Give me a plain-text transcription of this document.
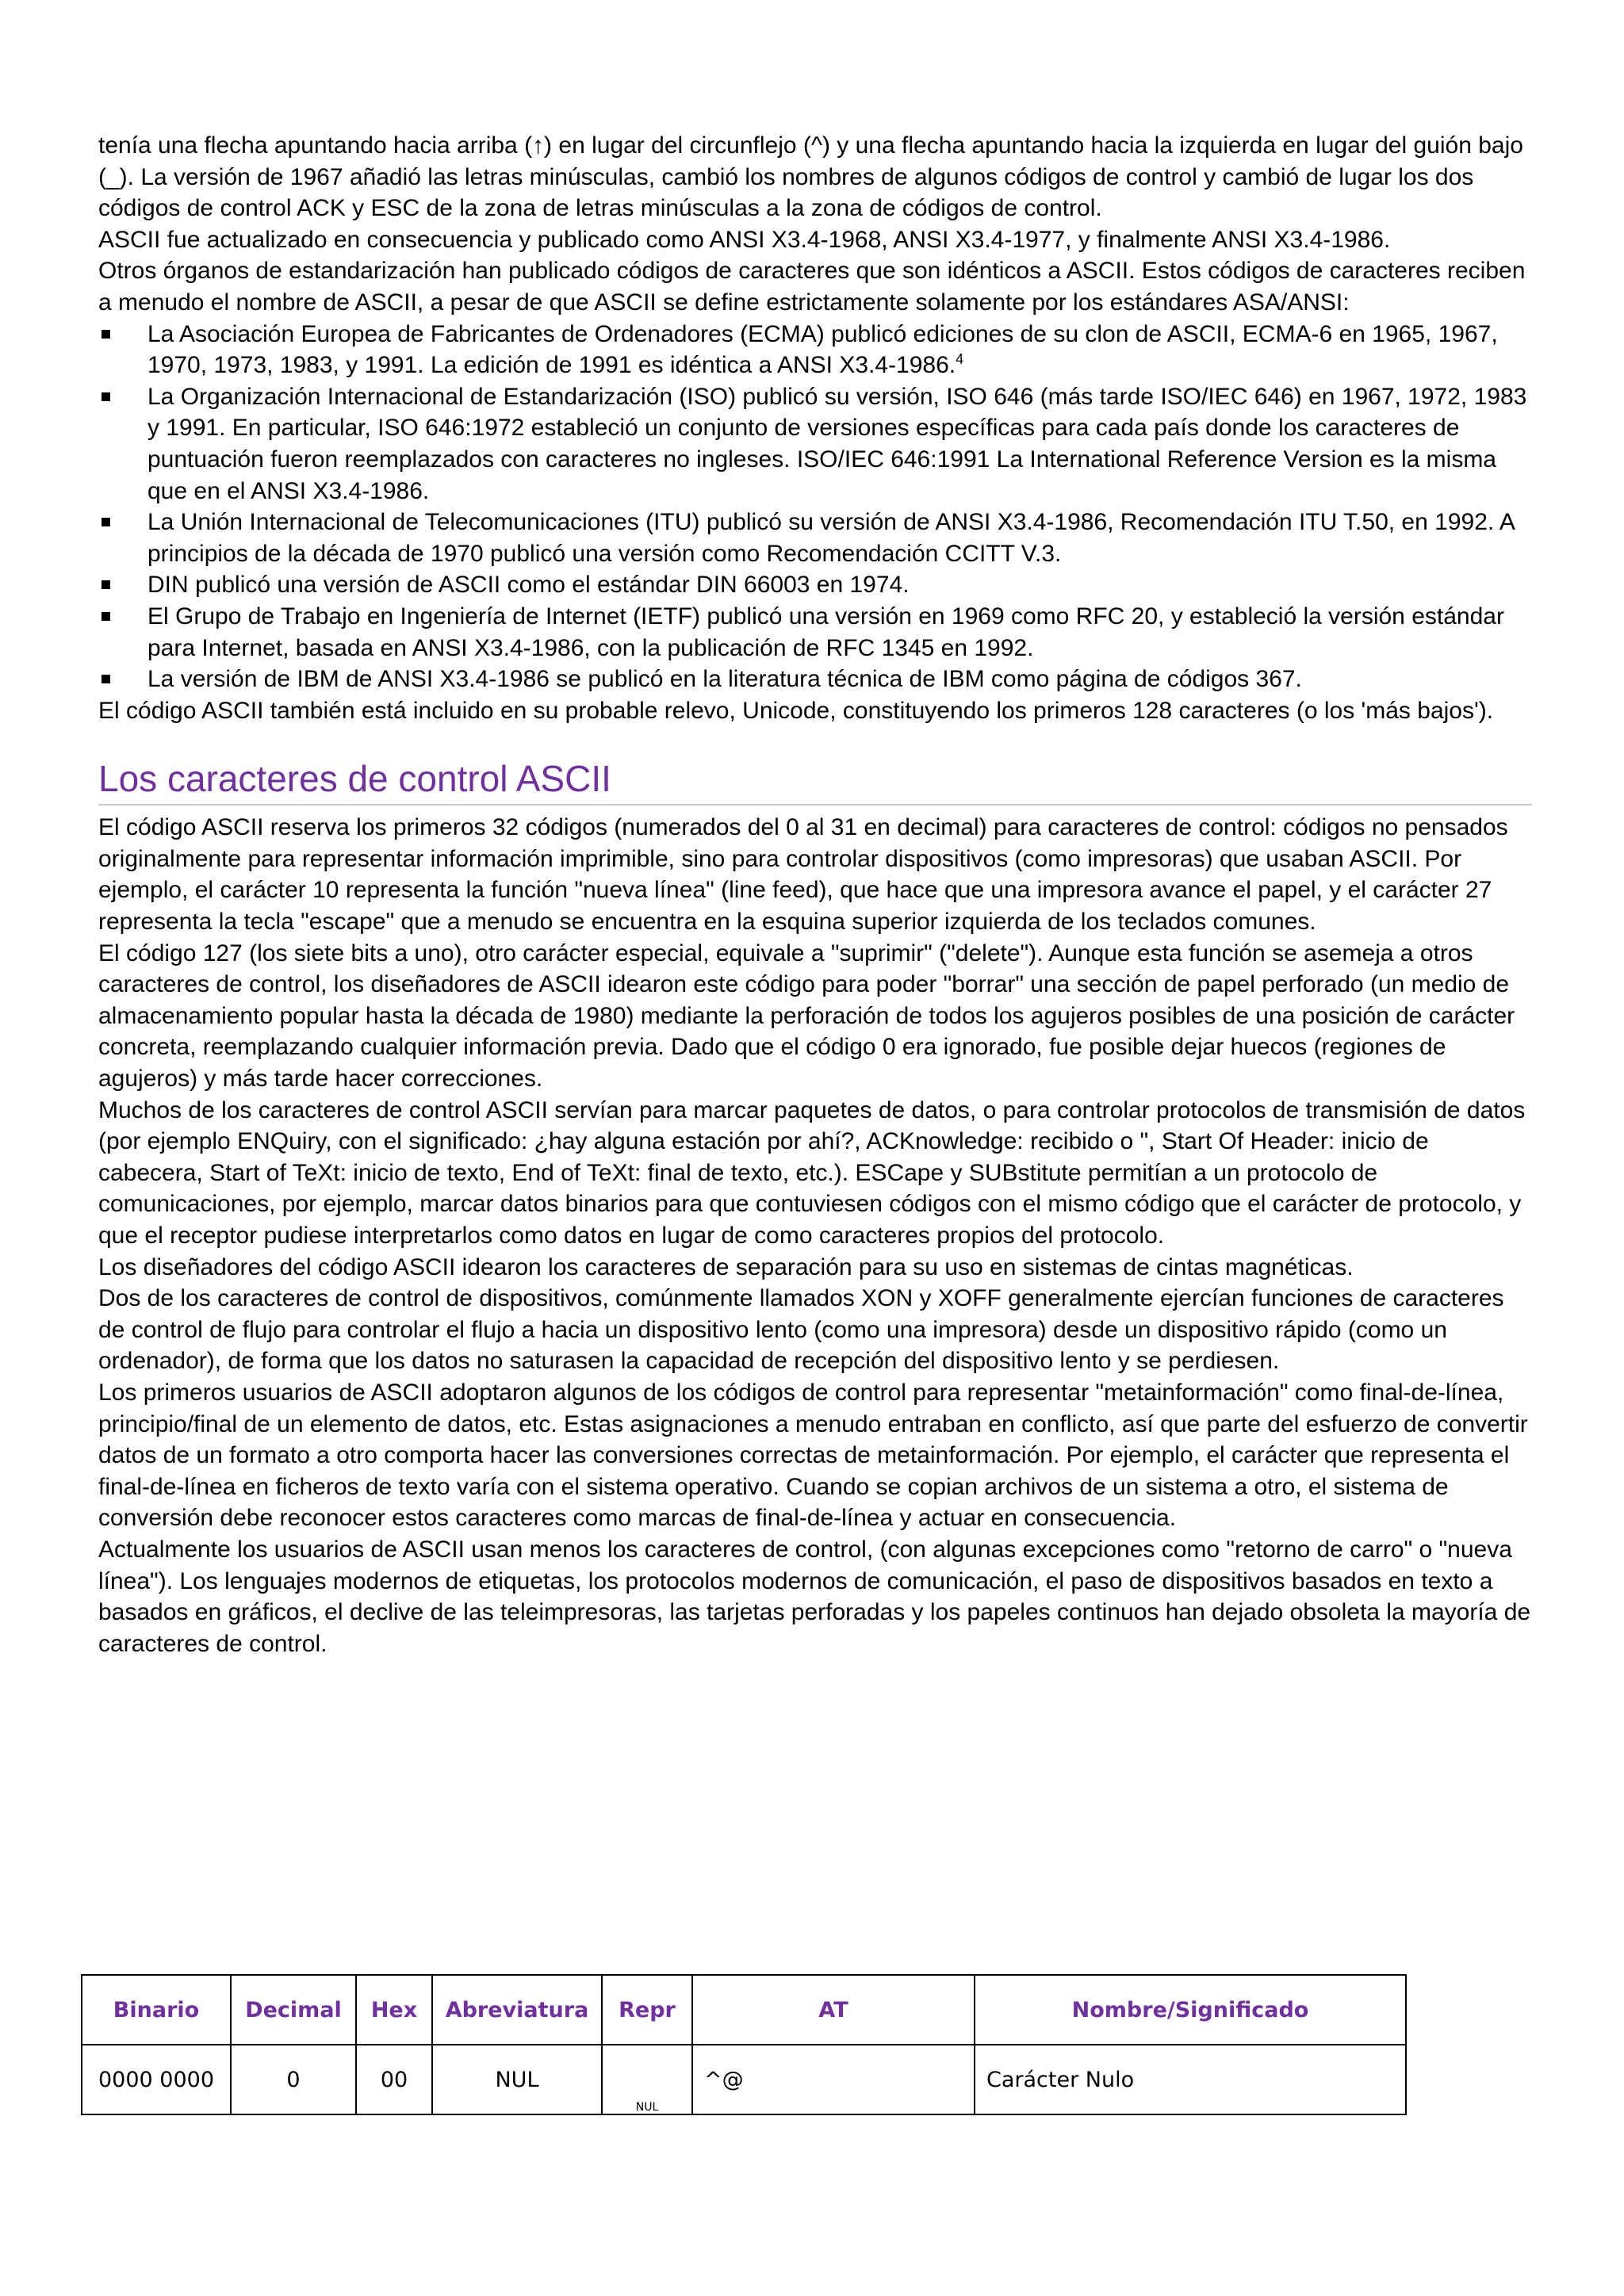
tenía una flecha apuntando hacia arriba (↑) en lugar del circunflejo (^) y una flecha apuntando hacia la izquierda en lugar del guión bajo (_). La versión de 1967 añadió las letras minúsculas, cambió los nombres de algunos códigos de control y cambió de lugar los dos códigos de control ACK y ESC de la zona de letras minúsculas a la zona de códigos de control.

ASCII fue actualizado en consecuencia y publicado como ANSI X3.4-1968, ANSI X3.4-1977, y finalmente ANSI X3.4-1986.

Otros órganos de estandarización han publicado códigos de caracteres que son idénticos a ASCII. Estos códigos de caracteres reciben a menudo el nombre de ASCII, a pesar de que ASCII se define estrictamente solamente por los estándares ASA/ANSI:

La Asociación Europea de Fabricantes de Ordenadores (ECMA) publicó ediciones de su clon de ASCII, ECMA-6 en 1965, 1967, 1970, 1973, 1983, y 1991. La edición de 1991 es idéntica a ANSI X3.4-1986.$^4$
La Organización Internacional de Estandarización (ISO) publicó su versión, ISO 646 (más tarde ISO/IEC 646) en 1967, 1972, 1983 y 1991. En particular, ISO 646:1972 estableció un conjunto de versiones específicas para cada país donde los caracteres de puntuación fueron reemplazados con caracteres no ingleses. ISO/IEC 646:1991 La International Reference Version es la misma que en el ANSI X3.4-1986.
La Unión Internacional de Telecomunicaciones (ITU) publicó su versión de ANSI X3.4-1986, Recomendación ITU T.50, en 1992. A principios de la década de 1970 publicó una versión como Recomendación CCITT V.3.
DIN publicó una versión de ASCII como el estándar DIN 66003 en 1974.
El Grupo de Trabajo en Ingeniería de Internet (IETF) publicó una versión en 1969 como RFC 20, y estableció la versión estándar para Internet, basada en ANSI X3.4-1986, con la publicación de RFC 1345 en 1992.
La versión de IBM de ANSI X3.4-1986 se publicó en la literatura técnica de IBM como página de códigos 367.

El código ASCII también está incluido en su probable relevo, Unicode, constituyendo los primeros 128 caracteres (o los 'más bajos').

Los caracteres de control ASCII

El código ASCII reserva los primeros 32 códigos (numerados del 0 al 31 en decimal) para caracteres de control: códigos no pensados originalmente para representar información imprimible, sino para controlar dispositivos (como impresoras) que usaban ASCII. Por ejemplo, el carácter 10 representa la función "nueva línea" (line feed), que hace que una impresora avance el papel, y el carácter 27 representa la tecla "escape" que a menudo se encuentra en la esquina superior izquierda de los teclados comunes.

El código 127 (los siete bits a uno), otro carácter especial, equivale a "suprimir" ("delete"). Aunque esta función se asemeja a otros caracteres de control, los diseñadores de ASCII idearon este código para poder "borrar" una sección de papel perforado (un medio de almacenamiento popular hasta la década de 1980) mediante la perforación de todos los agujeros posibles de una posición de carácter concreta, reemplazando cualquier información previa. Dado que el código 0 era ignorado, fue posible dejar huecos (regiones de agujeros) y más tarde hacer correcciones.

Muchos de los caracteres de control ASCII servían para marcar paquetes de datos, o para controlar protocolos de transmisión de datos (por ejemplo ENQuiry, con el significado: ¿hay alguna estación por ahí?, ACKnowledge: recibido o ", Start Of Header: inicio de cabecera, Start of TeXt: inicio de texto, End of TeXt: final de texto, etc.). ESCape y SUBstitute permitían a un protocolo de comunicaciones, por ejemplo, marcar datos binarios para que contuviesen códigos con el mismo código que el carácter de protocolo, y que el receptor pudiese interpretarlos como datos en lugar de como caracteres propios del protocolo.

Los diseñadores del código ASCII idearon los caracteres de separación para su uso en sistemas de cintas magnéticas.

Dos de los caracteres de control de dispositivos, comúnmente llamados XON y XOFF generalmente ejercían funciones de caracteres de control de flujo para controlar el flujo a hacia un dispositivo lento (como una impresora) desde un dispositivo rápido (como un ordenador), de forma que los datos no saturasen la capacidad de recepción del dispositivo lento y se perdiesen.

Los primeros usuarios de ASCII adoptaron algunos de los códigos de control para representar "metainformación" como final-de-línea, principio/final de un elemento de datos, etc. Estas asignaciones a menudo entraban en conflicto, así que parte del esfuerzo de convertir datos de un formato a otro comporta hacer las conversiones correctas de metainformación. Por ejemplo, el carácter que representa el final-de-línea en ficheros de texto varía con el sistema operativo. Cuando se copian archivos de un sistema a otro, el sistema de conversión debe reconocer estos caracteres como marcas de final-de-línea y actuar en consecuencia.

Actualmente los usuarios de ASCII usan menos los caracteres de control, (con algunas excepciones como "retorno de carro" o "nueva línea"). Los lenguajes modernos de etiquetas, los protocolos modernos de comunicación, el paso de dispositivos basados en texto a basados en gráficos, el declive de las teleimpresoras, las tarjetas perforadas y los papeles continuos han dejado obsoleta la mayoría de caracteres de control.

Binario	Decimal	Hex	Abreviatura	Repr	AT	Nombre/Significado
0000 0000	0	00	NUL	NUL	^@	Carácter Nulo
